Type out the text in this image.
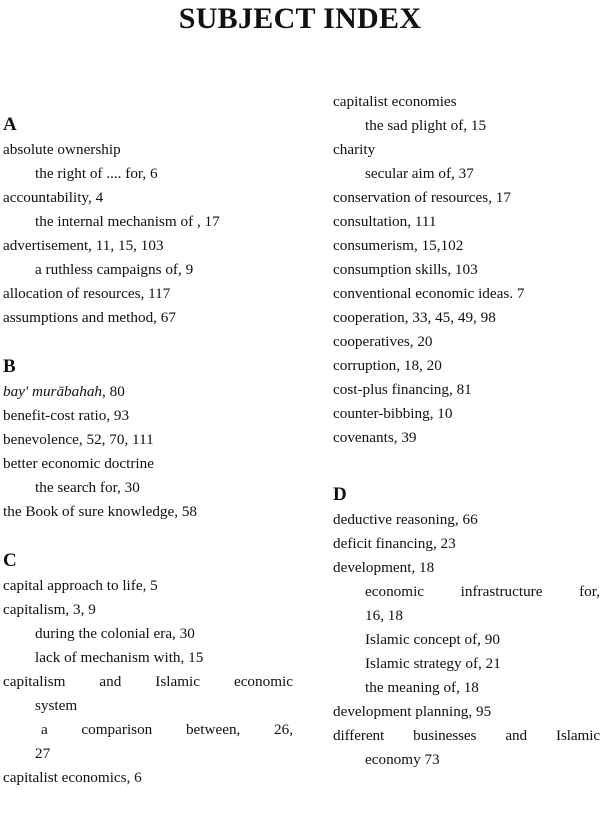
SUBJECT INDEX
A
absolute ownership
the right of .... for, 6
accountability, 4
the internal mechanism of , 17
advertisement, 11, 15, 103
a ruthless campaigns of, 9
allocation of resources, 117
assumptions and method, 67
B
bay' murābahah, 80
benefit-cost ratio, 93
benevolence, 52, 70, 111
better economic doctrine
the search for, 30
the Book of sure knowledge, 58
C
capital approach to life, 5
capitalism, 3, 9
during the colonial era, 30
lack of mechanism with, 15
capitalism and Islamic economic
system
a comparison between, 26,
27
capitalist economics, 6
capitalist economies
the sad plight of, 15
charity
secular aim of, 37
conservation of resources, 17
consultation, 111
consumerism, 15,102
consumption skills, 103
conventional economic ideas. 7
cooperation, 33, 45, 49, 98
cooperatives, 20
corruption, 18, 20
cost-plus financing, 81
counter-bibbing, 10
covenants, 39
D
deductive reasoning, 66
deficit financing, 23
development, 18
economic infrastructure for,
16, 18
Islamic concept of, 90
Islamic strategy of, 21
the meaning of, 18
development planning, 95
different businesses and Islamic
economy 73
